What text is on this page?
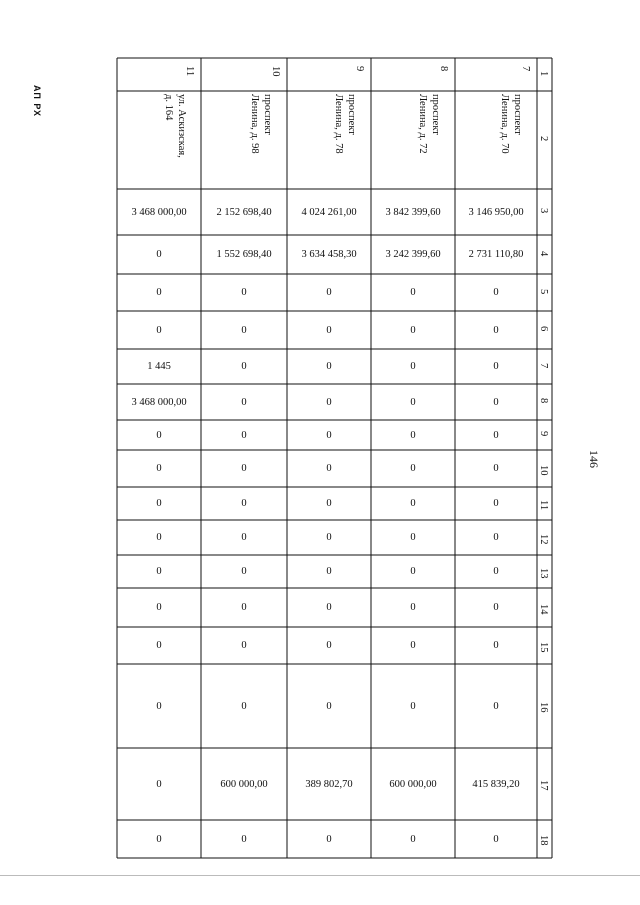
АП РХ
146
11
ул. Аскизская,
д. 164
3 468 000,00
0
0
0
1 445
3 468 000,00
0
0
0
0
0
0
0
0
0
0
10
проспект
Ленина, д. 98
2 152 698,40
1 552 698,40
0
0
0
0
0
0
0
0
0
0
0
0
600 000,00
0
9
проспект
Ленина, д. 78
4 024 261,00
3 634 458,30
0
0
0
0
0
0
0
0
0
0
0
0
389 802,70
0
8
проспект
Ленина, д. 72
3 842 399,60
3 242 399,60
0
0
0
0
0
0
0
0
0
0
0
0
600 000,00
0
7
проспект
Ленина, д. 70
3 146 950,00
2 731 110,80
0
0
0
0
0
0
0
0
0
0
0
0
415 839,20
0
1
2
3
4
5
6
7
8
9
10
11
12
13
14
15
16
17
18
